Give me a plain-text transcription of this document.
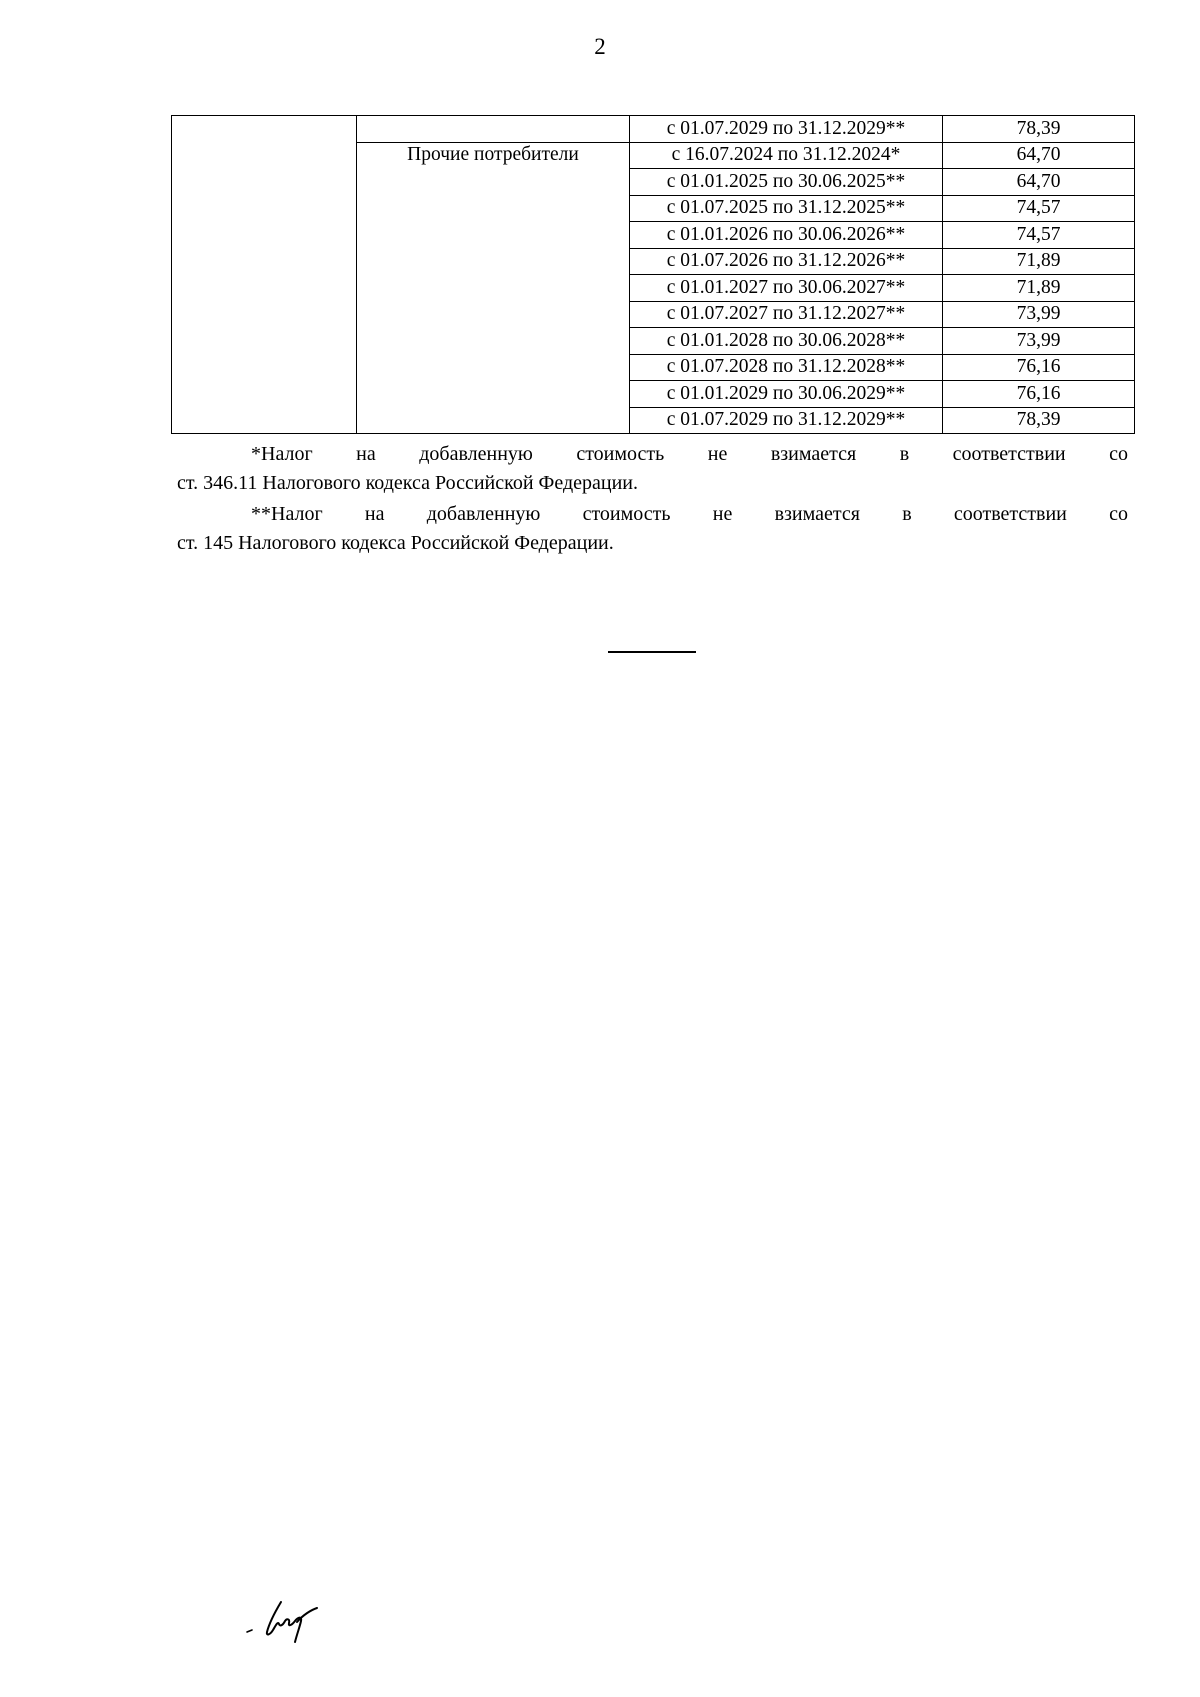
2
		с 01.07.2029 по 31.12.2029**	78,39
	Прочие потребители	с 16.07.2024 по 31.12.2024*	64,70
		с 01.01.2025 по 30.06.2025**	64,70
		с 01.07.2025 по 31.12.2025**	74,57
		с 01.01.2026 по 30.06.2026**	74,57
		с 01.07.2026 по 31.12.2026**	71,89
		с 01.01.2027 по 30.06.2027**	71,89
		с 01.07.2027 по 31.12.2027**	73,99
		с 01.01.2028 по 30.06.2028**	73,99
		с 01.07.2028 по 31.12.2028**	76,16
		с 01.01.2029 по 30.06.2029**	76,16
		с 01.07.2029 по 31.12.2029**	78,39
*Налог на добавленную стоимость не взимается в соответствии со
ст. 346.11 Налогового кодекса Российской Федерации.
**Налог на добавленную стоимость не взимается в соответствии со
ст. 145 Налогового кодекса Российской Федерации.
